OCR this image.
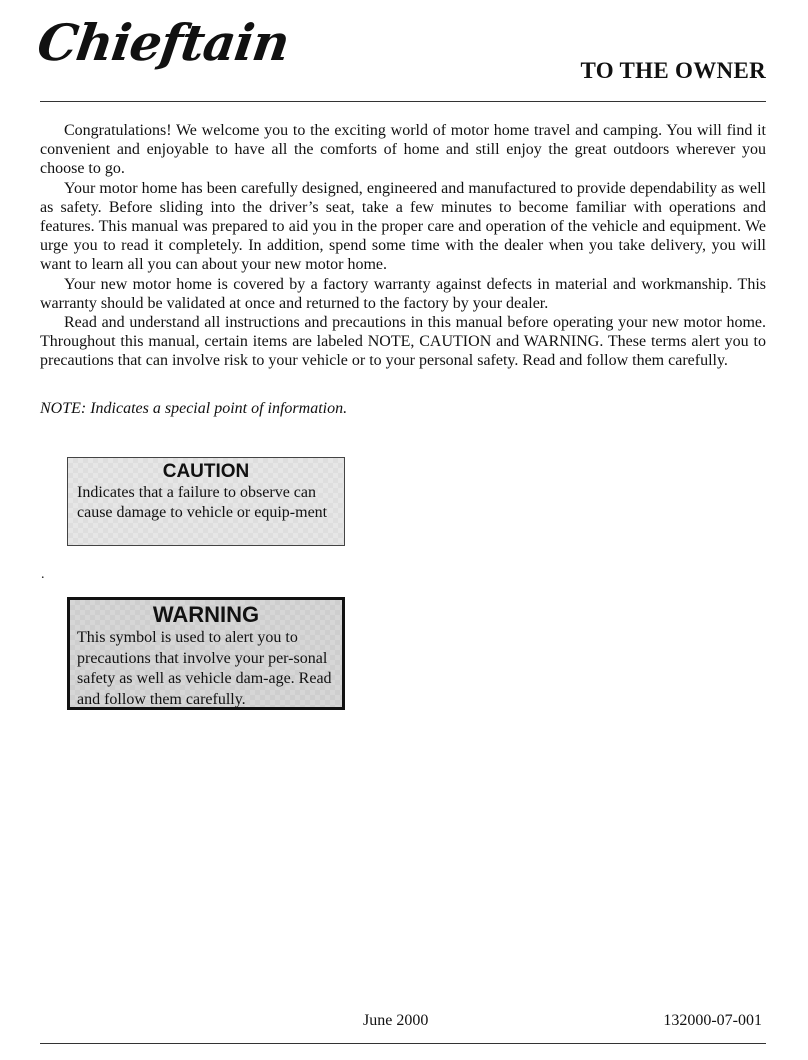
Chieftain	TO THE OWNER

Congratulations! We welcome you to the exciting world of motor home travel and camping. You will find it convenient and enjoyable to have all the comforts of home and still enjoy the great outdoors wherever you choose to go.

Your motor home has been carefully designed, engineered and manufactured to provide dependability as well as safety. Before sliding into the driver’s seat, take a few minutes to become familiar with operations and features. This manual was prepared to aid you in the proper care and operation of the vehicle and equipment. We urge you to read it completely. In addition, spend some time with the dealer when you take delivery, you will want to learn all you can about your new motor home.

Your new motor home is covered by a factory warranty against defects in material and workmanship. This warranty should be validated at once and returned to the factory by your dealer.

Read and understand all instructions and precautions in this manual before operating your new motor home. Throughout this manual, certain items are labeled NOTE, CAUTION and WARNING. These terms alert you to precautions that can involve risk to your vehicle or to your personal safety. Read and follow them carefully.

NOTE: Indicates a special point of information.
CAUTION
Indicates that a failure to observe can cause damage to vehicle or equip-ment
.
WARNING
This symbol is used to alert you to precautions that involve your per-sonal safety as well as vehicle dam-age. Read and follow them carefully.
June 2000	132000-07-001
